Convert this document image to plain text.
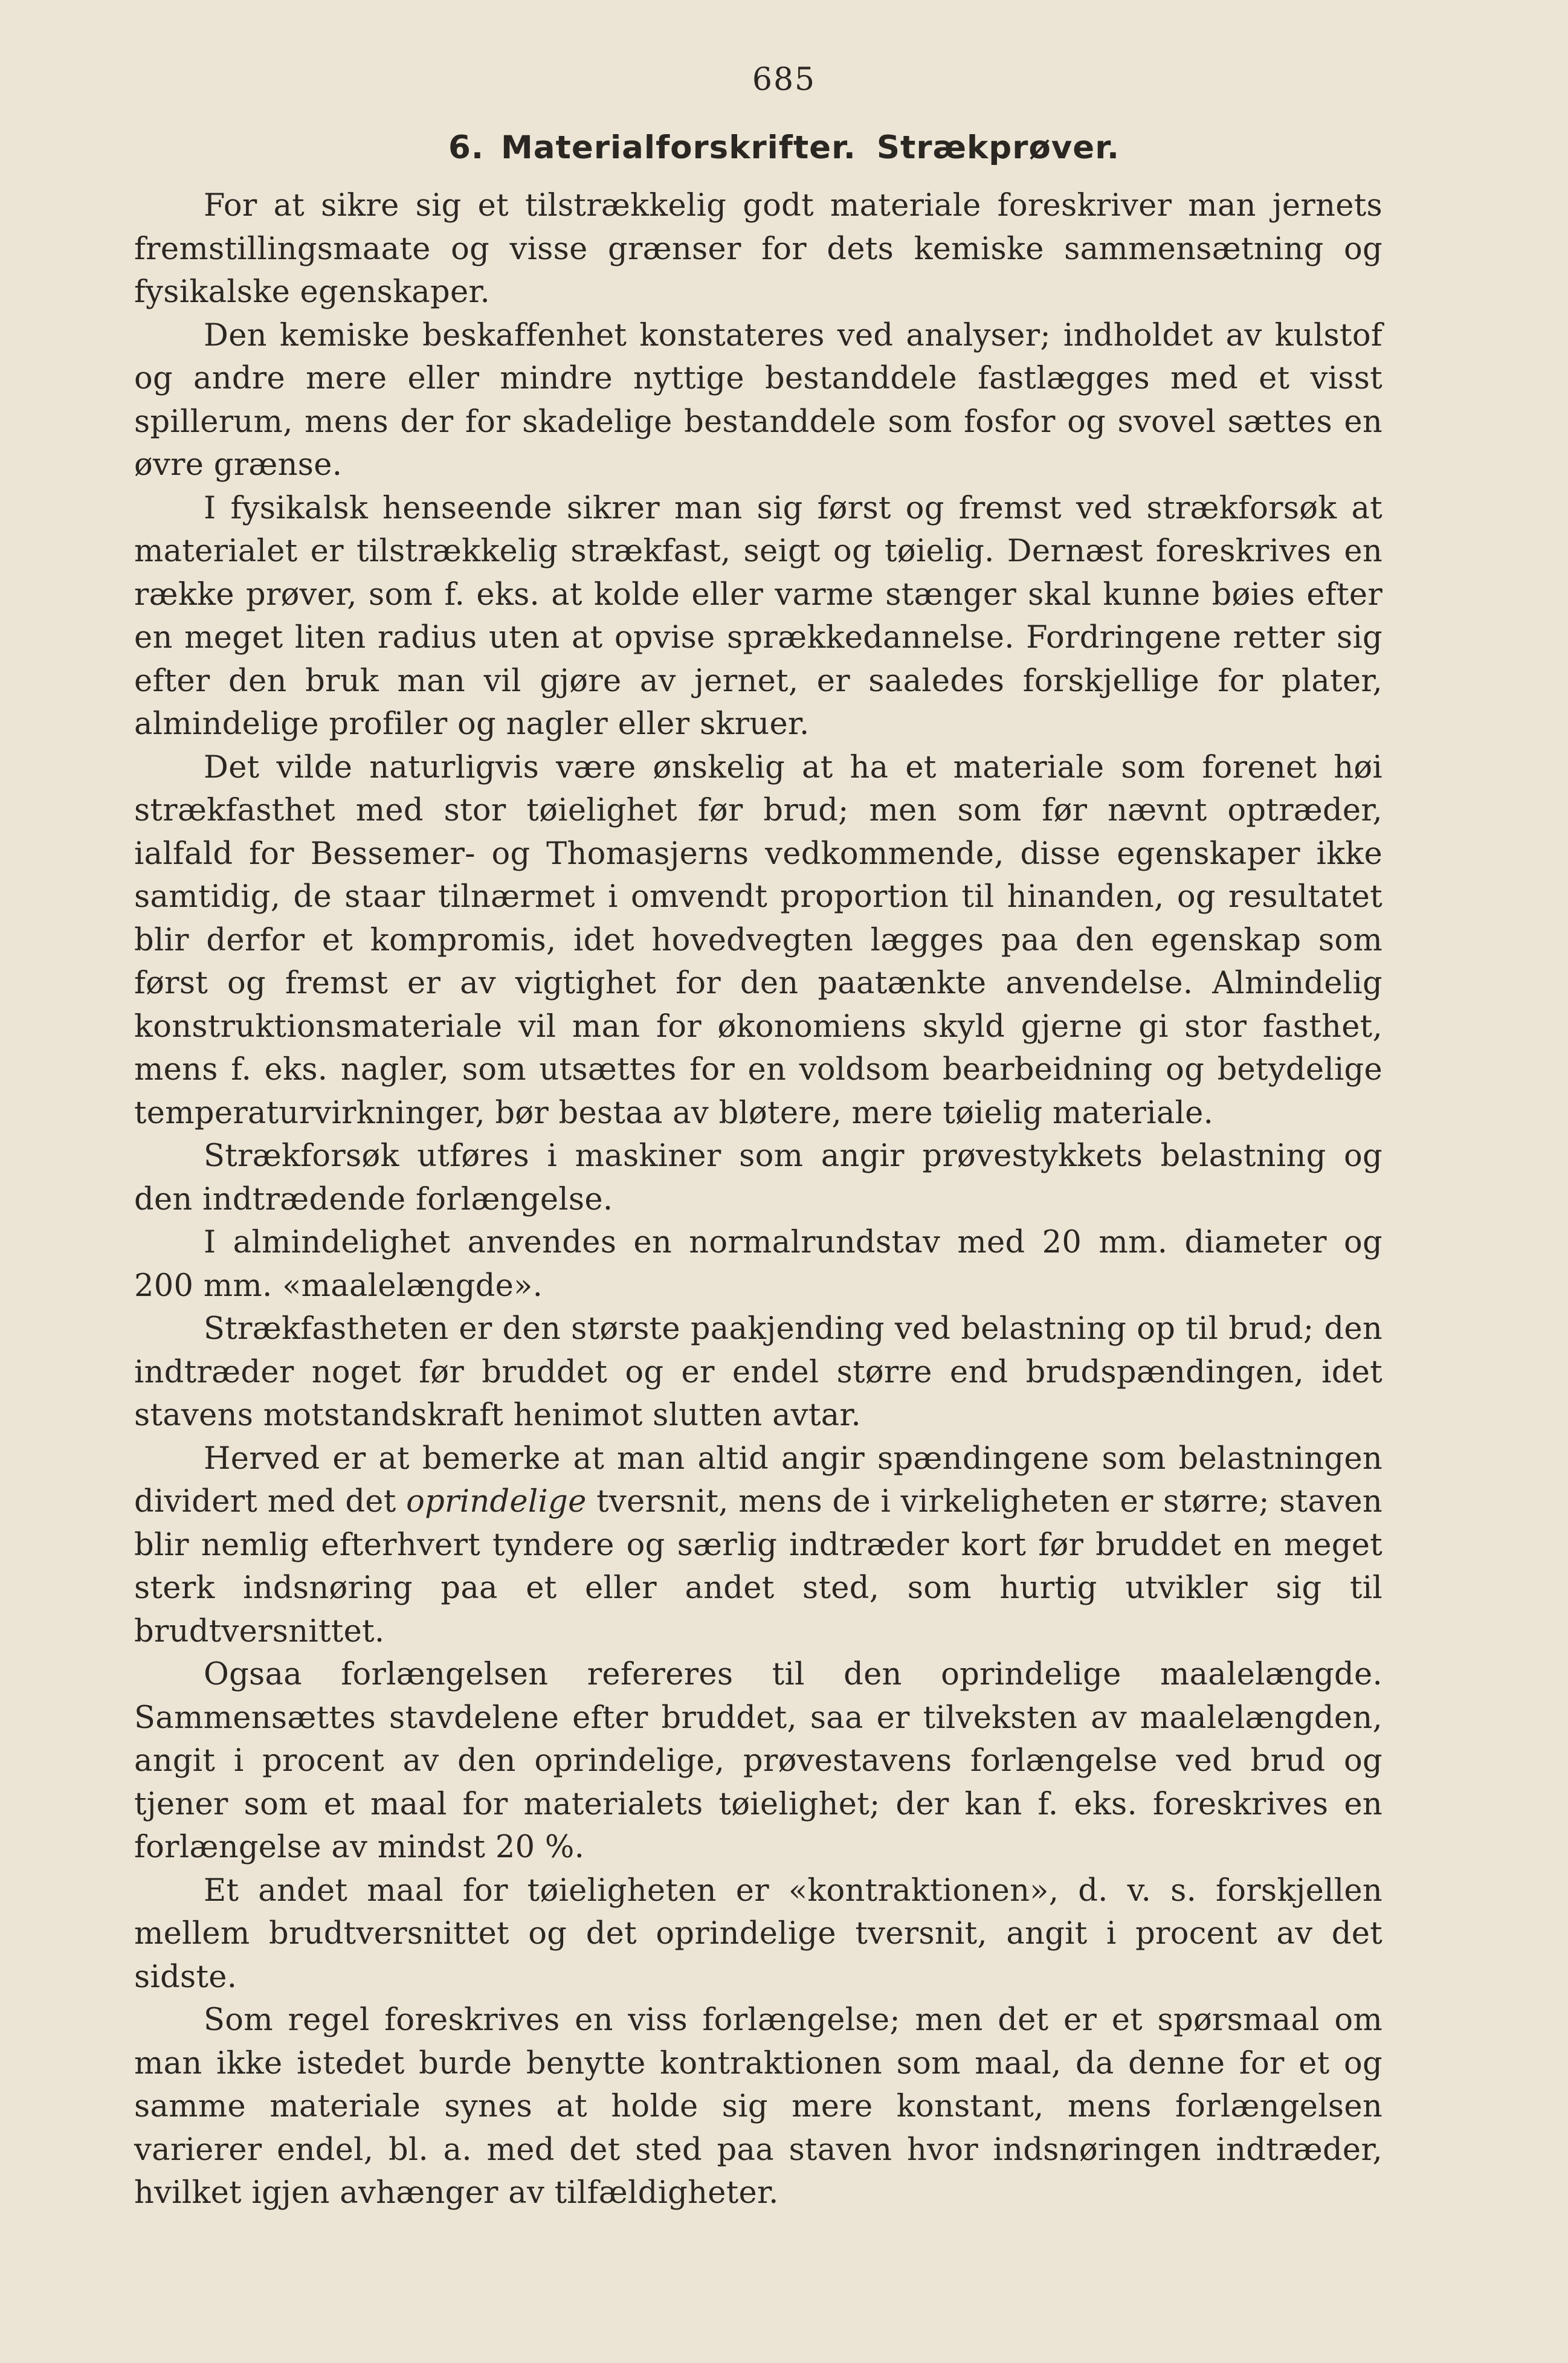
685
6. Materialforskrifter. Strækprøver.

For at sikre sig et tilstrækkelig godt materiale foreskriver man jernets fremstillingsmaate og visse grænser for dets kemiske sammensætning og fysikalske egenskaper.

Den kemiske beskaffenhet konstateres ved analyser; indholdet av kulstof og andre mere eller mindre nyttige bestanddele fastlægges med et visst spillerum, mens der for skadelige bestanddele som fosfor og svovel sættes en øvre grænse.

I fysikalsk henseende sikrer man sig først og fremst ved strækforsøk at materialet er tilstrækkelig strækfast, seigt og tøielig. Dernæst foreskrives en række prøver, som f. eks. at kolde eller varme stænger skal kunne bøies efter en meget liten radius uten at opvise sprækkedannelse. Fordringene retter sig efter den bruk man vil gjøre av jernet, er saaledes forskjellige for plater, almindelige profiler og nagler eller skruer.

Det vilde naturligvis være ønskelig at ha et materiale som forenet høi strækfasthet med stor tøielighet før brud; men som før nævnt optræder, ialfald for Bessemer- og Thomasjerns vedkommende, disse egenskaper ikke samtidig, de staar tilnærmet i omvendt proportion til hinanden, og resultatet blir derfor et kompromis, idet hovedvegten lægges paa den egenskap som først og fremst er av vigtighet for den paatænkte anvendelse. Almindelig konstruktionsmateriale vil man for økonomiens skyld gjerne gi stor fasthet, mens f. eks. nagler, som utsættes for en voldsom bearbeidning og betydelige temperaturvirkninger, bør bestaa av bløtere, mere tøielig materiale.

Strækforsøk utføres i maskiner som angir prøvestykkets belastning og den indtrædende forlængelse.

I almindelighet anvendes en normalrundstav med 20 mm. diameter og 200 mm. «maalelængde».

Strækfastheten er den største paakjending ved belastning op til brud; den indtræder noget før bruddet og er endel større end brudspændingen, idet stavens motstandskraft henimot slutten avtar.

Herved er at bemerke at man altid angir spændingene som belastningen dividert med det oprindelige tversnit, mens de i virkeligheten er større; staven blir nemlig efterhvert tyndere og særlig indtræder kort før bruddet en meget sterk indsnøring paa et eller andet sted, som hurtig utvikler sig til brudtversnittet.

Ogsaa forlængelsen refereres til den oprindelige maalelængde. Sammensættes stavdelene efter bruddet, saa er tilveksten av maalelængden, angit i procent av den oprindelige, prøvestavens forlængelse ved brud og tjener som et maal for materialets tøielighet; der kan f. eks. foreskrives en forlængelse av mindst 20 %.

Et andet maal for tøieligheten er «kontraktionen», d. v. s. forskjellen mellem brudtversnittet og det oprindelige tversnit, angit i procent av det sidste.

Som regel foreskrives en viss forlængelse; men det er et spørsmaal om man ikke istedet burde benytte kontraktionen som maal, da denne for et og samme materiale synes at holde sig mere konstant, mens forlængelsen varierer endel, bl. a. med det sted paa staven hvor indsnøringen indtræder, hvilket igjen avhænger av tilfældigheter.
